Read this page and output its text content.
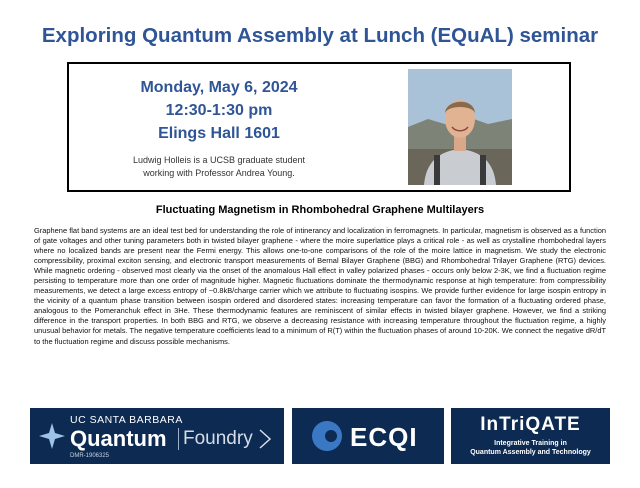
Exploring Quantum Assembly at Lunch (EQuAL) seminar
Monday, May 6, 2024
12:30-1:30 pm
Elings Hall 1601
Ludwig Holleis is a UCSB graduate student
working with Professor Andrea Young.
Fluctuating Magnetism in Rhombohedral Graphene Multilayers
Graphene flat band systems are an ideal test bed for understanding the role of intinerancy and localization in ferromagnets. In particular, magnetism is observed as a function of gate voltages and other tuning parameters both in twisted bilayer graphene - where the moire superlattice plays a critical role - as well as crystalline rhombohedral layers where no localized bands are present near the Fermi energy. This allows one-to-one comparisons of the role of the moire lattice in magnetism. We study the electronic compressibility, proximal exciton sensing, and electronic transport measurements of Bernal Bilayer Graphene (BBG) and Rhombohedral Trilayer Graphene (RTG) devices. While magnetic ordering - observed most clearly via the onset of the anomalous Hall effect in valley polarized phases - occurs only below 2-3K, we find a fluctuation regime persisting to temperature more than one order of magnitude higher. Magnetic fluctuations dominate the thermodynamic response at high temperature: from compressibility measurements, we detect a large excess entropy of ~0.8kB/charge carrier which we attribute to fluctuating isospins. We provide further evidence for large isospin entropy in the vicinity of a quantum phase transition between isospin ordered and disordered states: increasing temperature can favor the formation of a fluctuating ordered phase, analogous to the Pomeranchuk effect in 3He. These thermodynamic features are reminiscent of similar effects in twisted bilayer graphene. However, we find a striking difference in the transport properties. In both BBG and RTG, we observe a decreasing resistance with increasing temperature throughout the fluctuation regime, a highly unusual behavior for metals. The negative temperature coefficients lead to a minimum of R(T) within the fluctuation phases of around 10-20K. We connect the negative dR/dT to the fluctuation regime and discuss possible mechanisms.
UC SANTA BARBARA
Quantum Foundry
DMR-1906325
ECQI	InTriQATE
Integrative Training in
Quantum Assembly and Technology
